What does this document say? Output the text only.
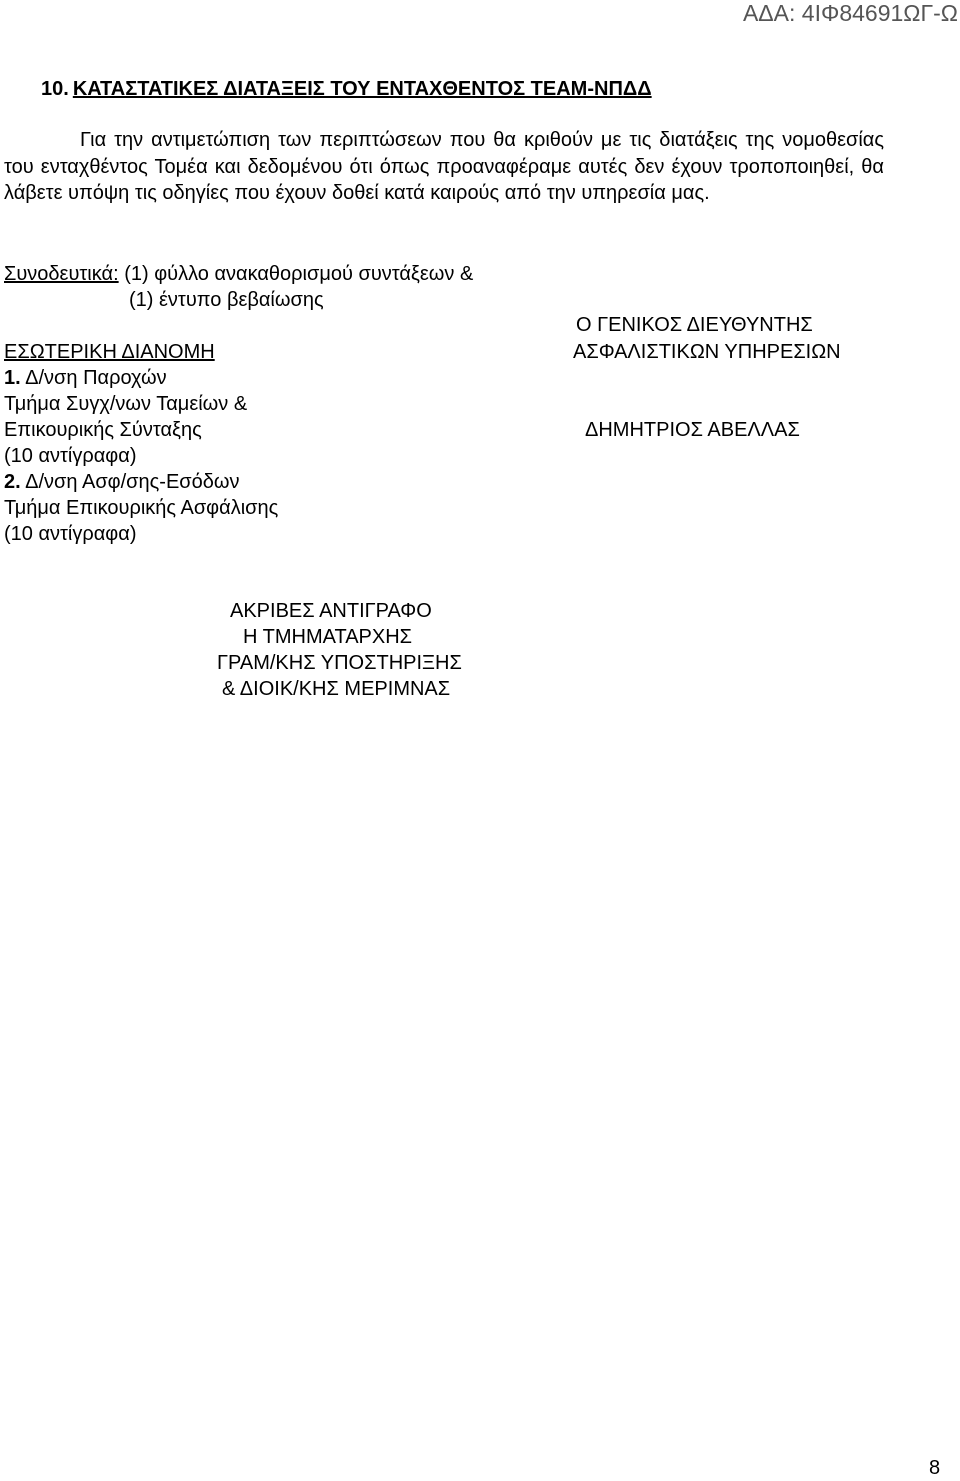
ΑΔΑ: 4ΙΦ84691ΩΓ-Ω
10. ΚΑΤΑΣΤΑΤΙΚΕΣ ΔΙΑΤΑΞΕΙΣ ΤΟΥ ΕΝΤΑΧΘΕΝΤΟΣ ΤΕΑΜ-ΝΠΔΔ
Για την αντιμετώπιση των περιπτώσεων που θα κριθούν με τις διατάξεις της νομοθεσίας του ενταχθέντος Τομέα και δεδομένου ότι όπως προαναφέραμε αυτές δεν έχουν τροποποιηθεί, θα λάβετε υπόψη τις οδηγίες που έχουν δοθεί κατά καιρούς από την υπηρεσία μας.
Συνοδευτικά: (1) φύλλο ανακαθορισμού συντάξεων &
(1) έντυπο βεβαίωσης
Ο ΓΕΝΙΚΟΣ ΔΙΕΥΘΥΝΤΗΣ
ΑΣΦΑΛΙΣΤΙΚΩΝ ΥΠΗΡΕΣΙΩΝ
ΔΗΜΗΤΡΙΟΣ ΑΒΕΛΛΑΣ
ΕΣΩΤΕΡΙΚΗ ΔΙΑΝΟΜΗ
1. Δ/νση Παροχών
Τμήμα Συγχ/νων Ταμείων &
Επικουρικής Σύνταξης
(10 αντίγραφα)
2. Δ/νση Ασφ/σης-Εσόδων
Τμήμα Επικουρικής Ασφάλισης
(10 αντίγραφα)
ΑΚΡΙΒΕΣ ΑΝΤΙΓΡΑΦΟ
Η ΤΜΗΜΑΤΑΡΧΗΣ
ΓΡΑΜ/ΚΗΣ ΥΠΟΣΤΗΡΙΞΗΣ
& ΔΙΟΙΚ/ΚΗΣ ΜΕΡΙΜΝΑΣ
8
